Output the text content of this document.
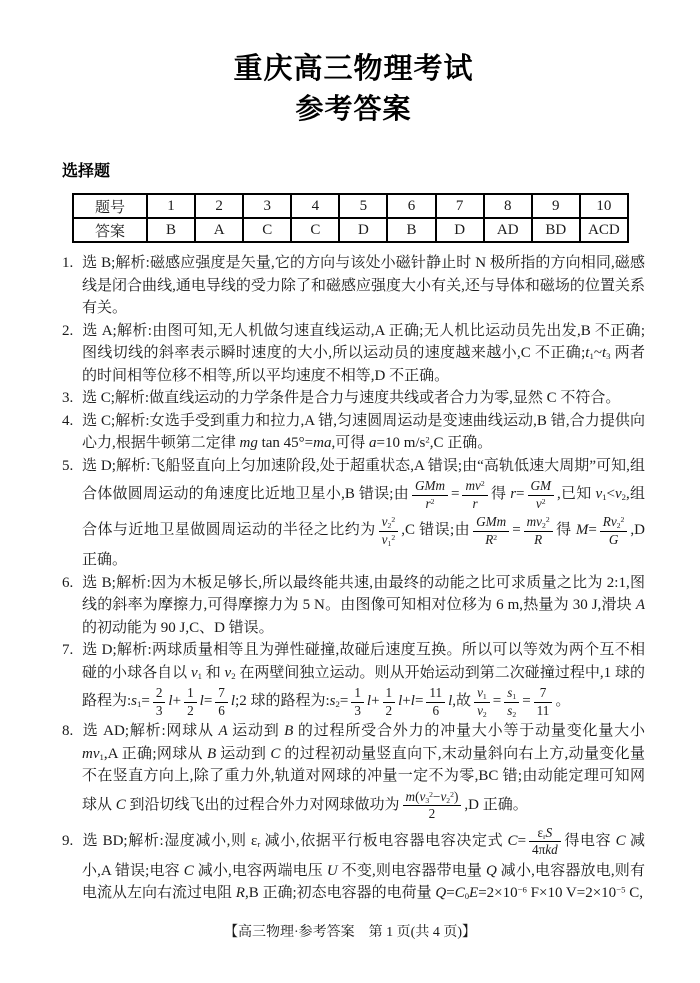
重庆高三物理考试
参考答案
选择题
题号	1	2	3	4	5	6	7	8	9	10
答案	B	A	C	C	D	B	D	AD	BD	ACD
1. 选 B;解析:磁感应强度是矢量,它的方向与该处小磁针静止时 N 极所指的方向相同,磁感线是闭合曲线,通电导线的受力除了和磁感应强度大小有关,还与导体和磁场的位置关系有关。
2. 选 A;解析:由图可知,无人机做匀速直线运动,A 正确;无人机比运动员先出发,B 不正确;图线切线的斜率表示瞬时速度的大小,所以运动员的速度越来越小,C 不正确$;t_1\sim t_3$ 两者的时间相等位移不相等,所以平均速度不相等,D 不正确。
3. 选 C;解析:做直线运动的力学条件是合力与速度共线或者合力为零,显然 C 不符合。
4. 选 C;解析:女选手受到重力和拉力,A 错,匀速圆周运动是变速曲线运动,B 错,合力提供向心力,根据牛顿第二定律 mg tan 45°=ma,可得 a=10 $m/s^2,C$ 正确。
5. 选 D;解析:飞船竖直向上匀加速阶段,处于超重状态,A 错误;由“高轨低速大周期”可知,组合体做圆周运动的角速度比近地卫星小,B 错误;由 $\frac{\text{GMm}}{r^2} = \frac{mv^2}{r}$ 得 $r= \frac{GM}{v^2}$ ,已知 $v_1<v_2$,组合体与近地卫星做圆周运动的半径之比约为 $\frac{v_2^2}{v_1^2} ,C$ 错误;由 $\frac{\text{GMm}}{R^2} = \frac{mv_2^2}{R}$ 得 $M= \frac{Rv_2^2}{G} ,D$ 正确。
6. 选 B;解析:因为木板足够长,所以最终能共速,由最终的动能之比可求质量之比为 2:1,图线的斜率为摩擦力,可得摩擦力为 5 N。由图像可知相对位移为 6 m,热量为 30 J,滑块 A 的初动能为 90 J,C、D 错误。
7. 选 D;解析:两球质量相等且为弹性碰撞,故碰后速度互换。所以可以等效为两个互不相碰的小球各自以 $v_1$ 和 $v_2$ 在两壁间独立运动。则从开始运动到第二次碰撞过程中,1 球的路程为$:s_1= \frac{2}{3} l+ \frac{1}{2} l= \frac{7}{6}$ l;2 球的路程为$:s_2= \frac{1}{3} l+ \frac{1}{2} l+l= \frac{11}{6} l$,故 $\frac{v_1}{v_2} = \frac{s_1}{s_2} = \frac{7}{11}$ 。
8. 选 AD;解析:网球从 A 运动到 B 的过程所受合外力的冲量大小等于动量变化量大小 $mv_1,A$ 正确;网球从 B 运动到 C 的过程初动量竖直向下,末动量斜向右上方,动量变化量不在竖直方向上,除了重力外,轨道对网球的冲量一定不为零,BC 错;由动能定理可知网球从 C 到沿切线飞出的过程合外力对网球做功为 $\frac{m(v_3^2-v_2^2)}{2} ,D$ 正确。
9. 选 BD;解析:湿度减小,则 $\varepsilon_r$ 减小,依据平行板电容器电容决定式 $C= \frac{\varepsilon_rS}{\text{4πkd}}$ 得电容 C 减小,A 错误;电容 C 减小,电容两端电压 U 不变,则电容器带电量 Q 减小,电容器放电,则有电流从左向右流过电阻 R,B 正确;初态电容器的电荷量 $Q=C_0E=2\times 10^{-6}$ F×10 $V=2\times 10^{-5}$ C,
【高三物理·参考答案　第 1 页(共 4 页)】
